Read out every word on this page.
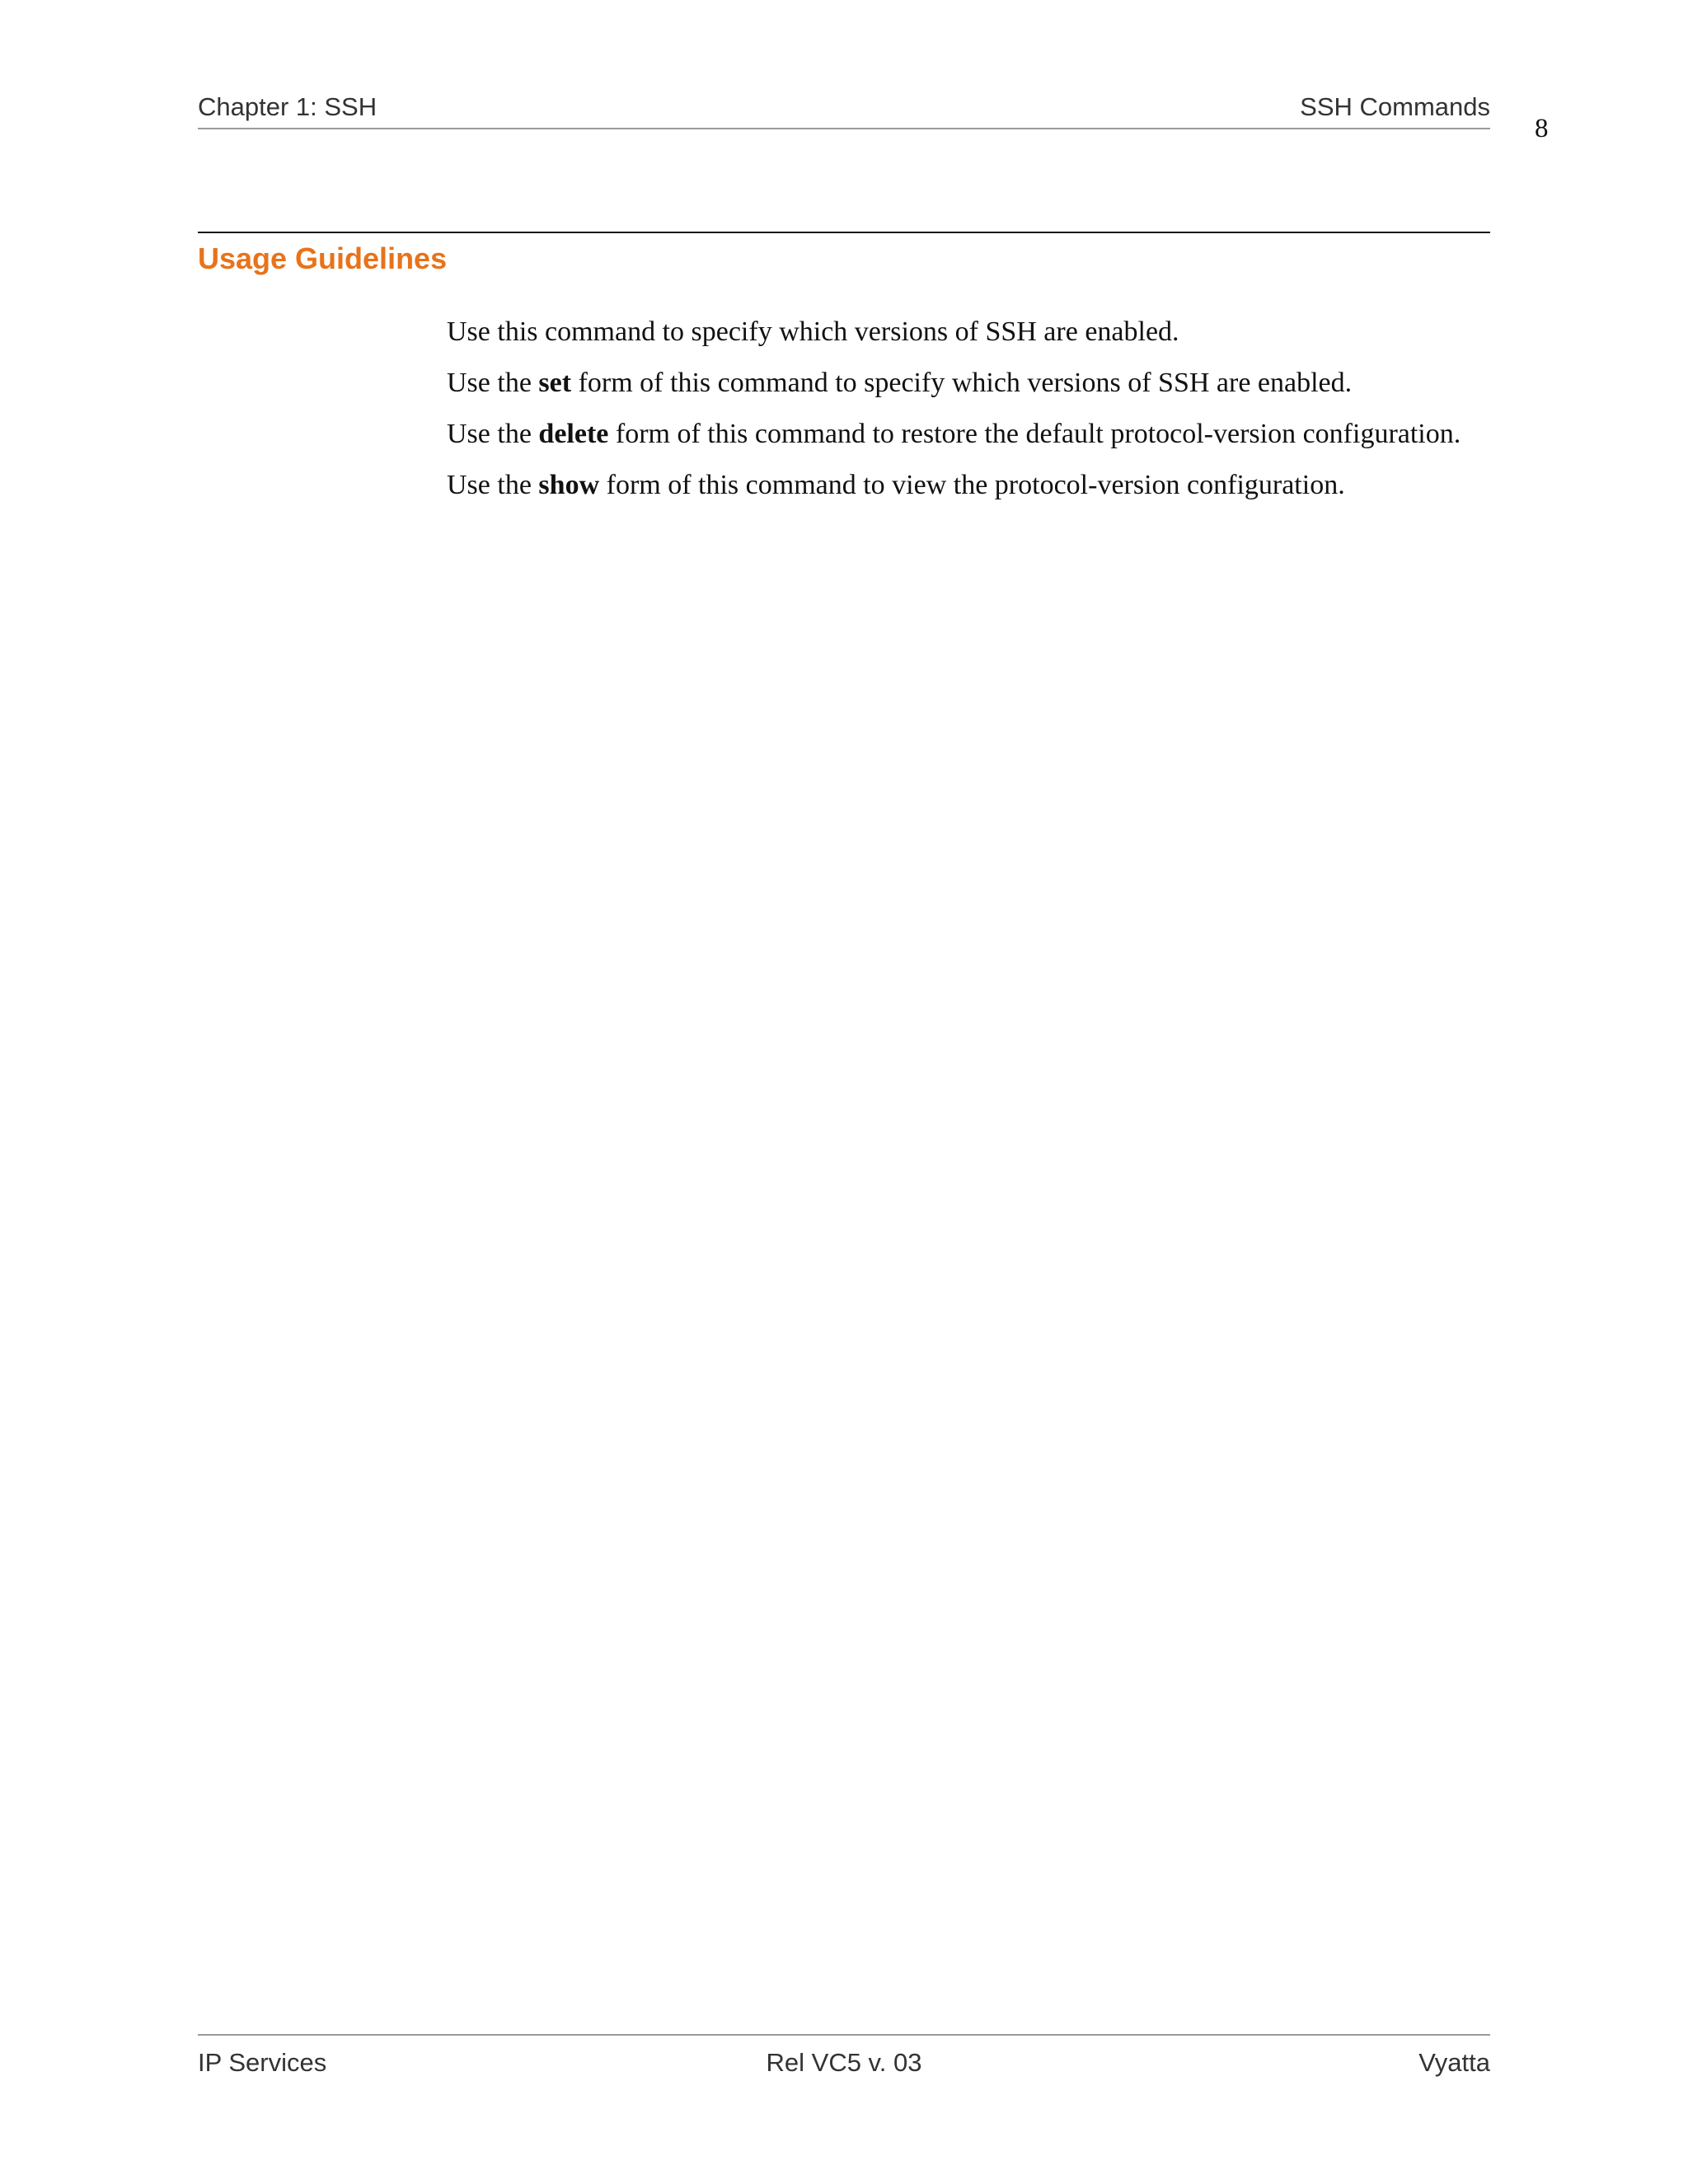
Chapter 1: SSH	SSH Commands
8
Usage Guidelines

Use this command to specify which versions of SSH are enabled.

Use the set form of this command to specify which versions of SSH are enabled.

Use the delete form of this command to restore the default protocol-version configuration.

Use the show form of this command to view the protocol-version configuration.

IP Services	Rel VC5 v. 03	Vyatta
